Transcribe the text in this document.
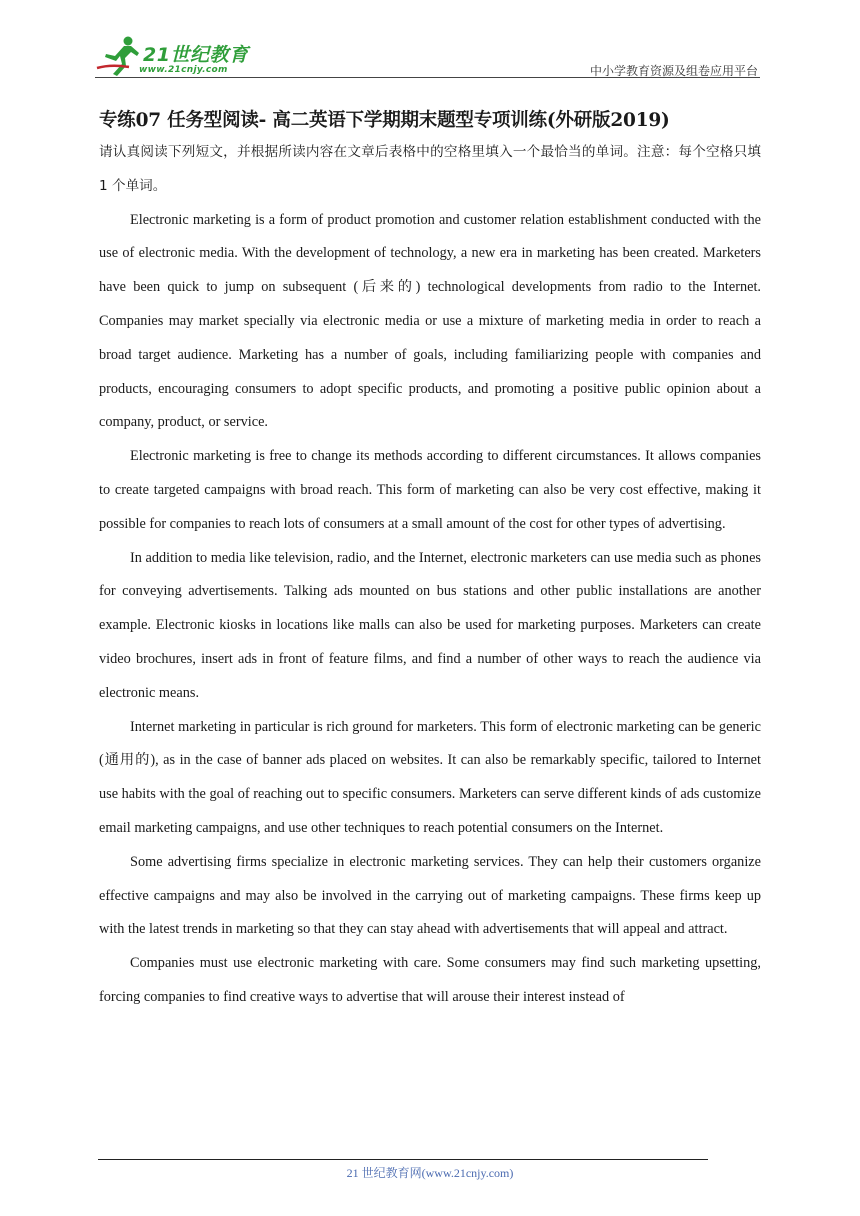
21世纪教育
www.21cnjy.com	中小学教育资源及组卷应用平台
专练07 任务型阅读- 高二英语下学期期末题型专项训练(外研版2019)

请认真阅读下列短文，并根据所读内容在文章后表格中的空格里填入一个最恰当的单词。注意：每个空格只填 1 个单词。

Electronic marketing is a form of product promotion and customer relation establishment conducted with the use of electronic media. With the development of technology, a new era in marketing has been created. Marketers have been quick to jump on subsequent (后来的) technological developments from radio to the Internet. Companies may market specially via electronic media or use a mixture of marketing media in order to reach a broad target audience. Marketing has a number of goals, including familiarizing people with companies and products, encouraging consumers to adopt specific products, and promoting a positive public opinion about a company, product, or service.

Electronic marketing is free to change its methods according to different circumstances. It allows companies to create targeted campaigns with broad reach. This form of marketing can also be very cost effective, making it possible for companies to reach lots of consumers at a small amount of the cost for other types of advertising.

In addition to media like television, radio, and the Internet, electronic marketers can use media such as phones for conveying advertisements. Talking ads mounted on bus stations and other public installations are another example. Electronic kiosks in locations like malls can also be used for marketing purposes. Marketers can create video brochures, insert ads in front of feature films, and find a number of other ways to reach the audience via electronic means.

Internet marketing in particular is rich ground for marketers. This form of electronic marketing can be generic (通用的), as in the case of banner ads placed on websites. It can also be remarkably specific, tailored to Internet use habits with the goal of reaching out to specific consumers. Marketers can serve different kinds of ads customize email marketing campaigns, and use other techniques to reach potential consumers on the Internet.

Some advertising firms specialize in electronic marketing services. They can help their customers organize effective campaigns and may also be involved in the carrying out of marketing campaigns. These firms keep up with the latest trends in marketing so that they can stay ahead with advertisements that will appeal and attract.

Companies must use electronic marketing with care. Some consumers may find such marketing upsetting, forcing companies to find creative ways to advertise that will arouse their interest instead of

21 世纪教育网(www.21cnjy.com)
